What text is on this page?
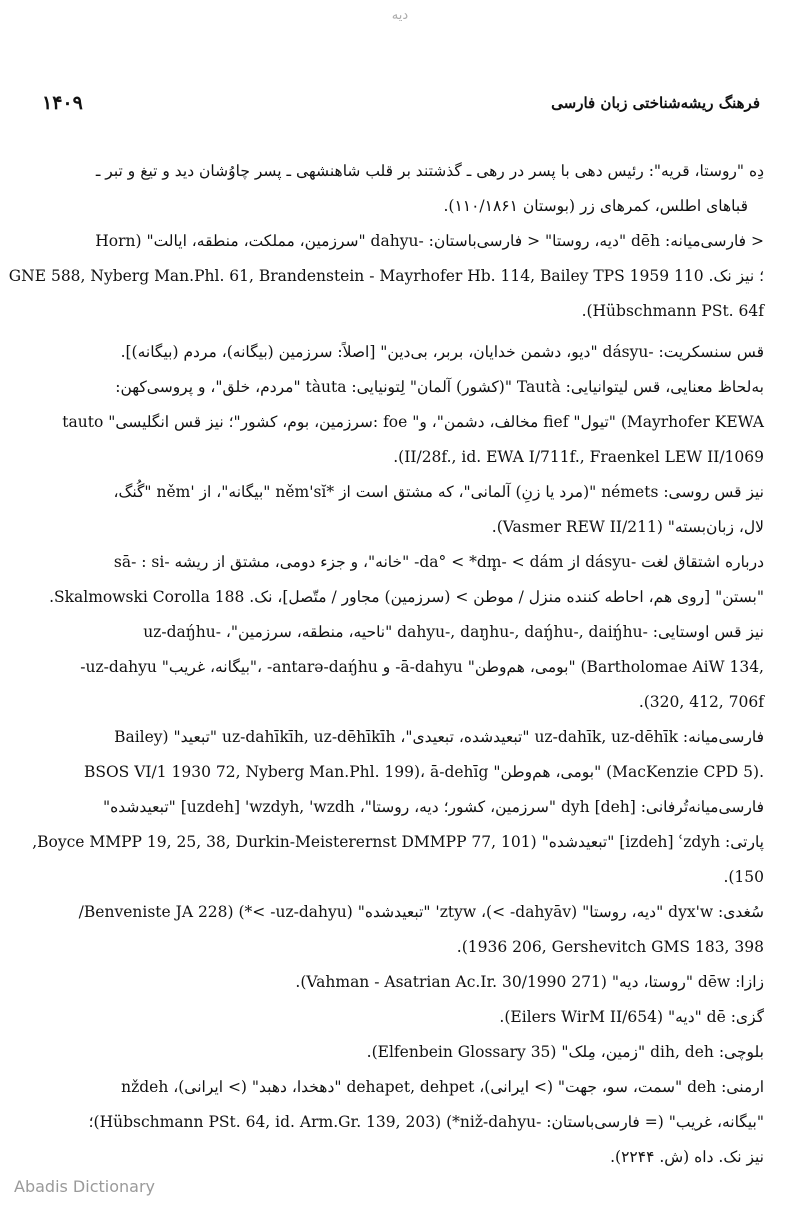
دیه
۱۴۰۹	فرهنگ ریشه‌شناختی زبان فارسی
دِه "روستا، قریه": رئیس دهی با پسر در رهی ـ گذشتند بر قلب شاهنشهی ـ پسر چاوُشان دید و تیغ و تبر ـ
قباهای اطلس، کمرهای زر (بوستان ۱۱۰/۱۸۶۱).
< فارسی‌میانه: dēh "دیه، روستا" < فارسی‌باستان: -dahyu "سرزمین، مملکت، منطقه، ایالت" (Horn
؛ نیز نک. GNE 588, Nyberg Man.Phl. 61, Brandenstein - Mayrhofer Hb. 114, Bailey TPS 1959 110
.(Hübschmann PSt. 64f
قس سنسکریت: -dásyu "دیو، دشمن خدایان، بربر، بی‌دین" [اصلاً: سرزمین (بیگانه)، مردم (بیگانه)].
به‌لحاظ معنایی، قس لیتوانیایی: Tautà "(کشور) آلمان" لِتونیایی: tàuta "مردم، خلق"، و پروسی‌کهن:
tauto "سرزمین، بوم، کشور"؛ نیز قس انگلیسی: foe "مخالف، دشمن"، و fief "تیول" (Mayrhofer KEWA
.(II/28f., id. EWA I/711f., Fraenkel LEW II/1069
نیز قس روسی: némets "(مرد یا زنِ) آلمانی"، که مشتق است از *něm'sĭ "بیگانه"، از 'něm "گُنگ،
لال، زبان‌بسته" (Vasmer REW II/211).
درباره اشتقاق لغت -dásyu از da° < *dm̥- < dám- "خانه"، و جزء دومی، مشتق از ریشه -sā- : si
"بستن" [روی هم، احاطه کننده منزل / موطن > (سرزمین) مجاور / متّصل]، نک. Skalmowski Corolla 188.
نیز قس اوستایی: -dahyu-, daŋhu-, daŋ́hu-, daiŋ́hu "ناحیه، منطقه، سرزمین"، -uz-daŋ́hu
-uz-dahyu "بیگانه، غریب"، -antarə-daŋ́hu و -ā-dahyu "بومی، هم‌وطن" (Bartholomae AiW 134,
.(320, 412, 706f
فارسی‌میانه: uz-dahīk, uz-dēhīk "تبعیدشده، تبعیدی"، uz-dahīkīh, uz-dēhīkīh "تبعید" (Bailey
BSOS VI/1 1930 72, Nyberg Man.Phl. 199)، ā-dehīg "بومی، هم‌وطن" (MacKenzie CPD 5).
فارسی‌میانه‌تُرفانی: [deh] dyh "سرزمین، کشور؛ دیه، روستا"، uzdeh] 'wzdyh, 'wzdh] "تبعیدشده"
پارتی: izdeh] ʿzdyh] "تبعیدشده" (Boyce MMPP 19, 25, 38, Durkin-Meisterernst DMMPP 77, 101,
.(150
سُغدی: dyx'w "دیه، روستا" (dahyāv- >)، ztyw' "تبعیدشده" (uz-dahyu- >*) (Benveniste JA 228/
.(1936 206, Gershevitch GMS 183, 398
زازا: dēw "روستا، دیه" (Vahman - Asatrian Ac.Ir. 30/1990 271).
گزی: dē "دیه" (Eilers WirM II/654).
بلوچی: dih, deh "زمین، مِلک" (Elfenbein Glossary 35).
ارمنی: deh "سمت، سو، جهت" (> ایرانی)، dehapet, dehpet "دهخدا، دهبد" (> ایرانی)، nždeh
"بیگانه، غریب" (= فارسی‌باستان: -niž-dahyu*) (Hübschmann PSt. 64, id. Arm.Gr. 139, 203)؛
نیز نک. داه (ش. ۲۲۴۴).
Abadis Dictionary
